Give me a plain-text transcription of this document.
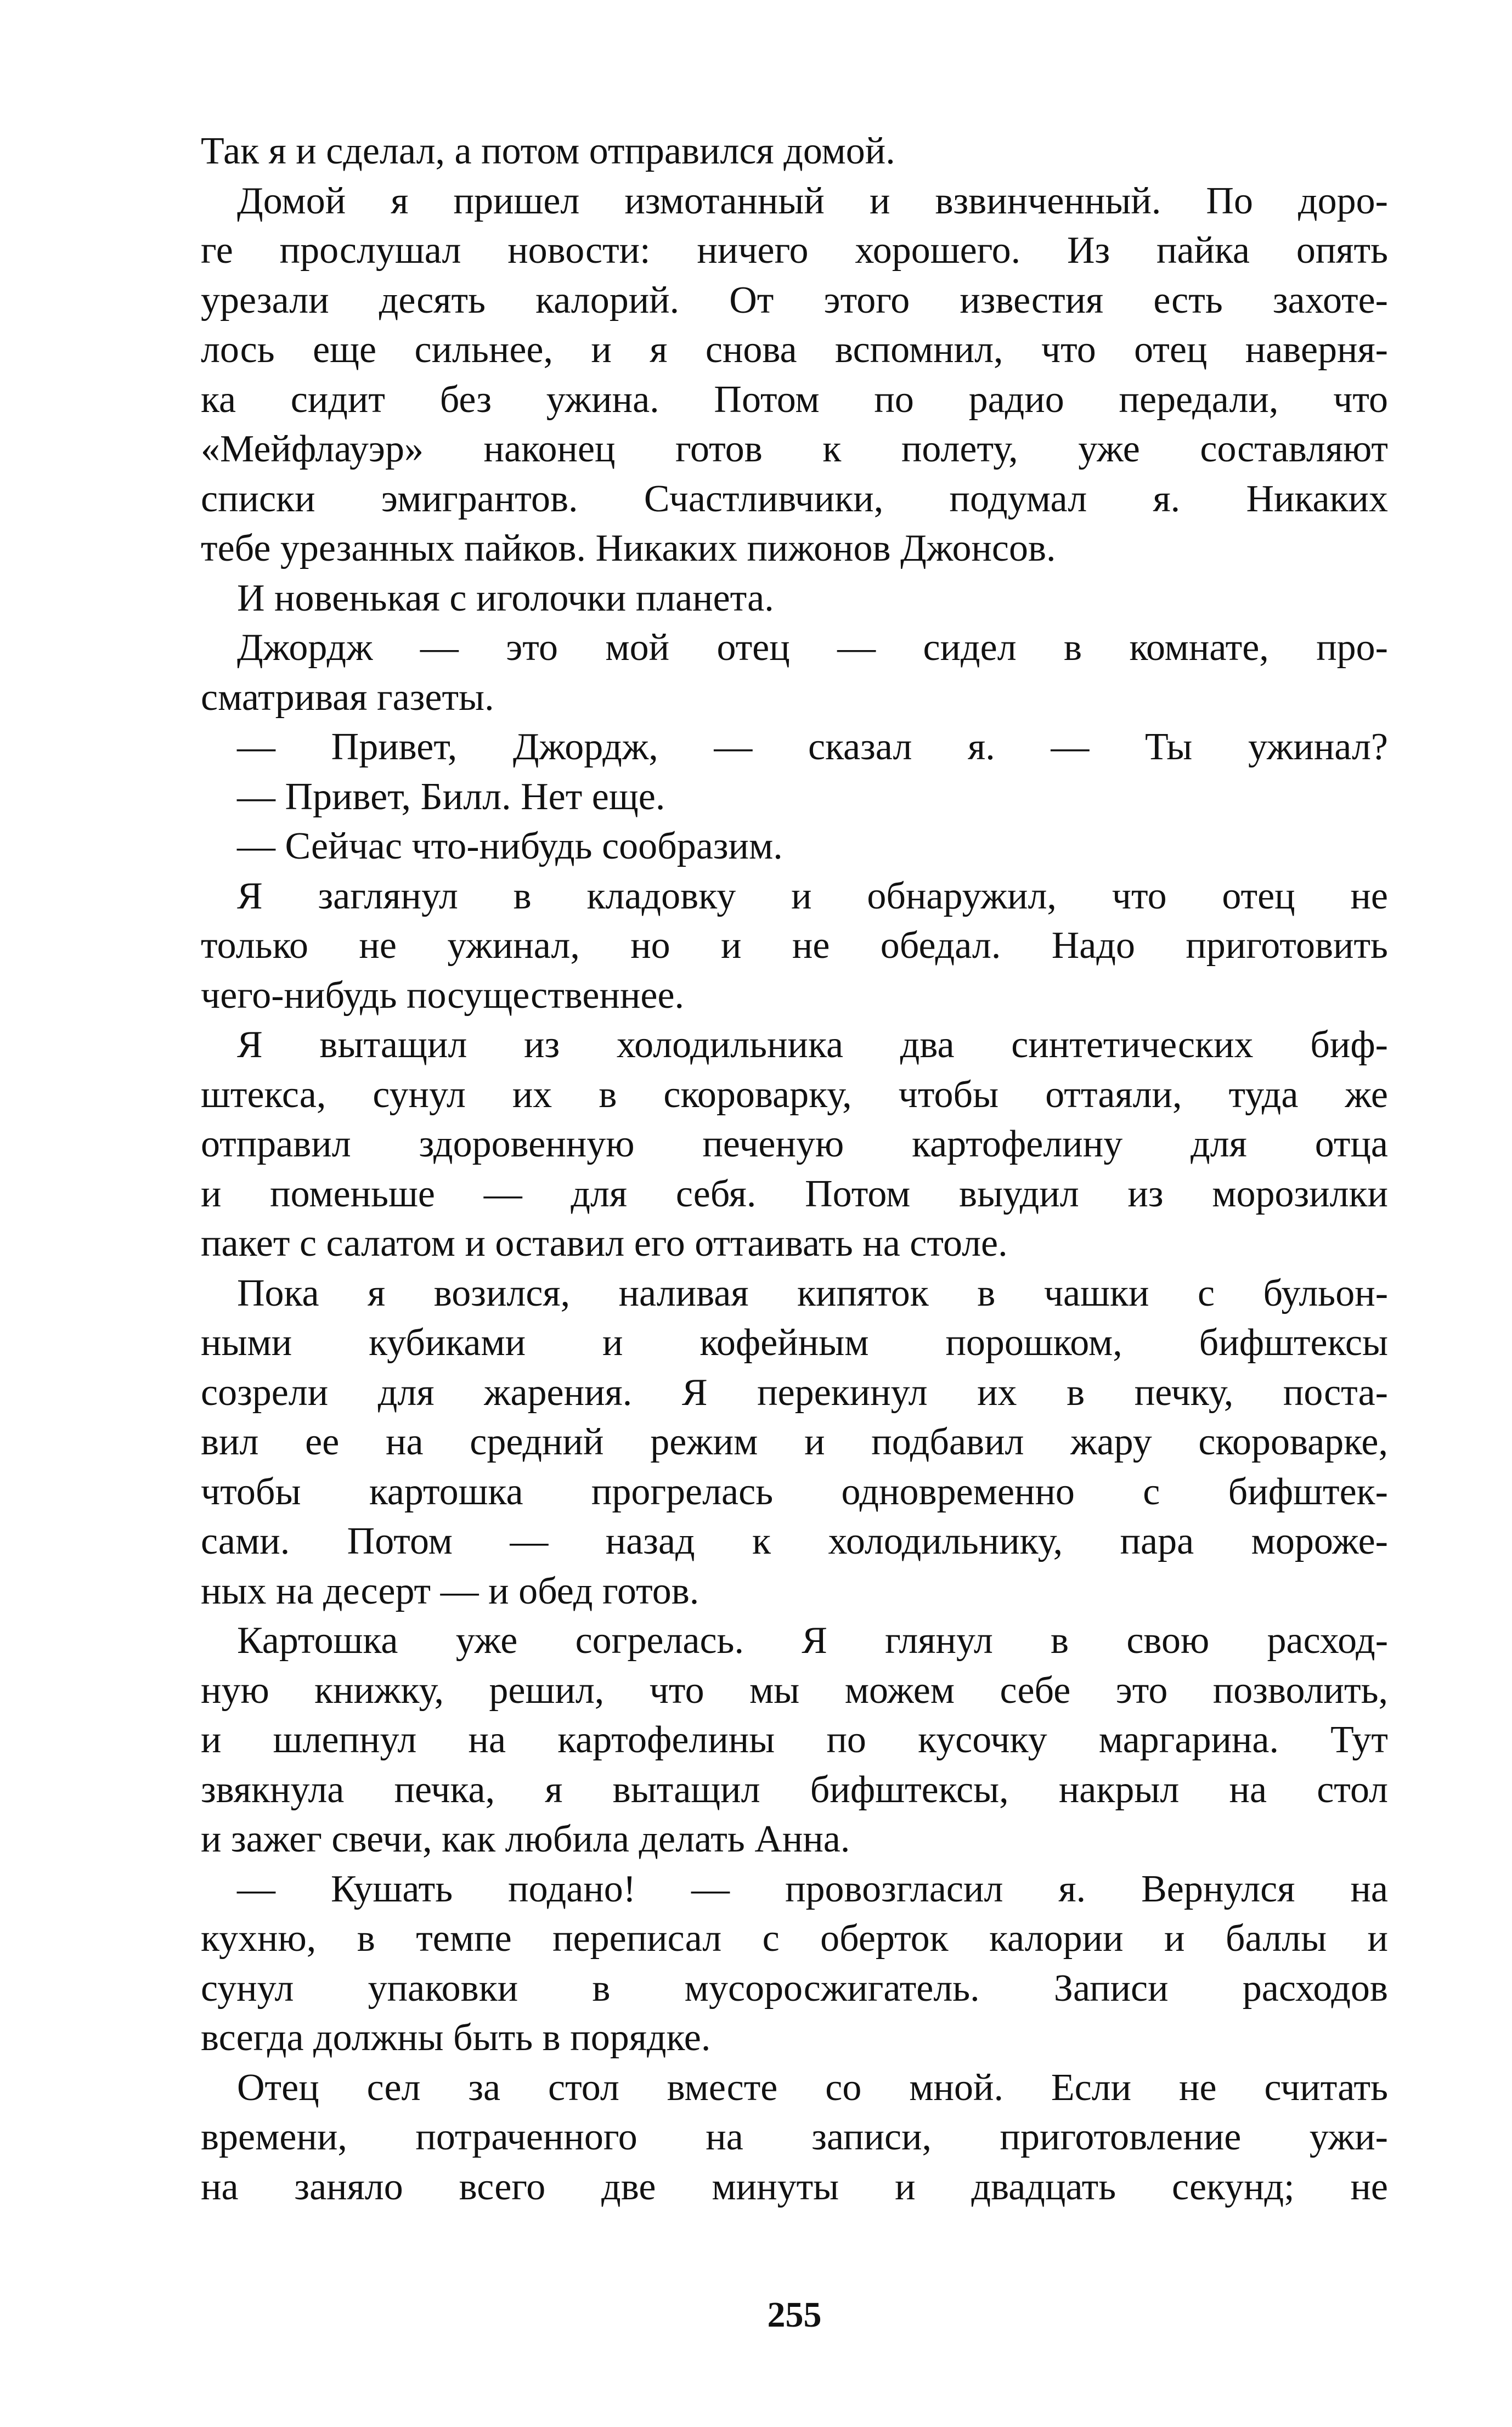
Так я и сделал, а потом отправился домой.
Домой я пришел измотанный и взвинченный. По доро-
ге прослушал новости: ничего хорошего. Из пайка опять
урезали десять калорий. От этого известия есть захоте-
лось еще сильнее, и я снова вспомнил, что отец наверня-
ка сидит без ужина. Потом по радио передали, что
«Мейфлауэр» наконец готов к полету, уже составляют
списки эмигрантов. Счастливчики, подумал я. Никаких
тебе урезанных пайков. Никаких пижонов Джонсов.
И новенькая с иголочки планета.
Джордж — это мой отец — сидел в комнате, про-
сматривая газеты.
— Привет, Джордж, — сказал я. — Ты ужинал?
— Привет, Билл. Нет еще.
— Сейчас что-нибудь сообразим.
Я заглянул в кладовку и обнаружил, что отец не
только не ужинал, но и не обедал. Надо приготовить
чего-нибудь посущественнее.
Я вытащил из холодильника два синтетических биф-
штекса, сунул их в скороварку, чтобы оттаяли, туда же
отправил здоровенную печеную картофелину для отца
и поменьше — для себя. Потом выудил из морозилки
пакет с салатом и оставил его оттаивать на столе.
Пока я возился, наливая кипяток в чашки с бульон-
ными кубиками и кофейным порошком, бифштексы
созрели для жарения. Я перекинул их в печку, поста-
вил ее на средний режим и подбавил жару скороварке,
чтобы картошка прогрелась одновременно с бифштек-
сами. Потом — назад к холодильнику, пара мороже-
ных на десерт — и обед готов.
Картошка уже согрелась. Я глянул в свою расход-
ную книжку, решил, что мы можем себе это позволить,
и шлепнул на картофелины по кусочку маргарина. Тут
звякнула печка, я вытащил бифштексы, накрыл на стол
и зажег свечи, как любила делать Анна.
— Кушать подано! — провозгласил я. Вернулся на
кухню, в темпе переписал с оберток калории и баллы и
сунул упаковки в мусоросжигатель. Записи расходов
всегда должны быть в порядке.
Отец сел за стол вместе со мной. Если не считать
времени, потраченного на записи, приготовление ужи-
на заняло всего две минуты и двадцать секунд; не
255
